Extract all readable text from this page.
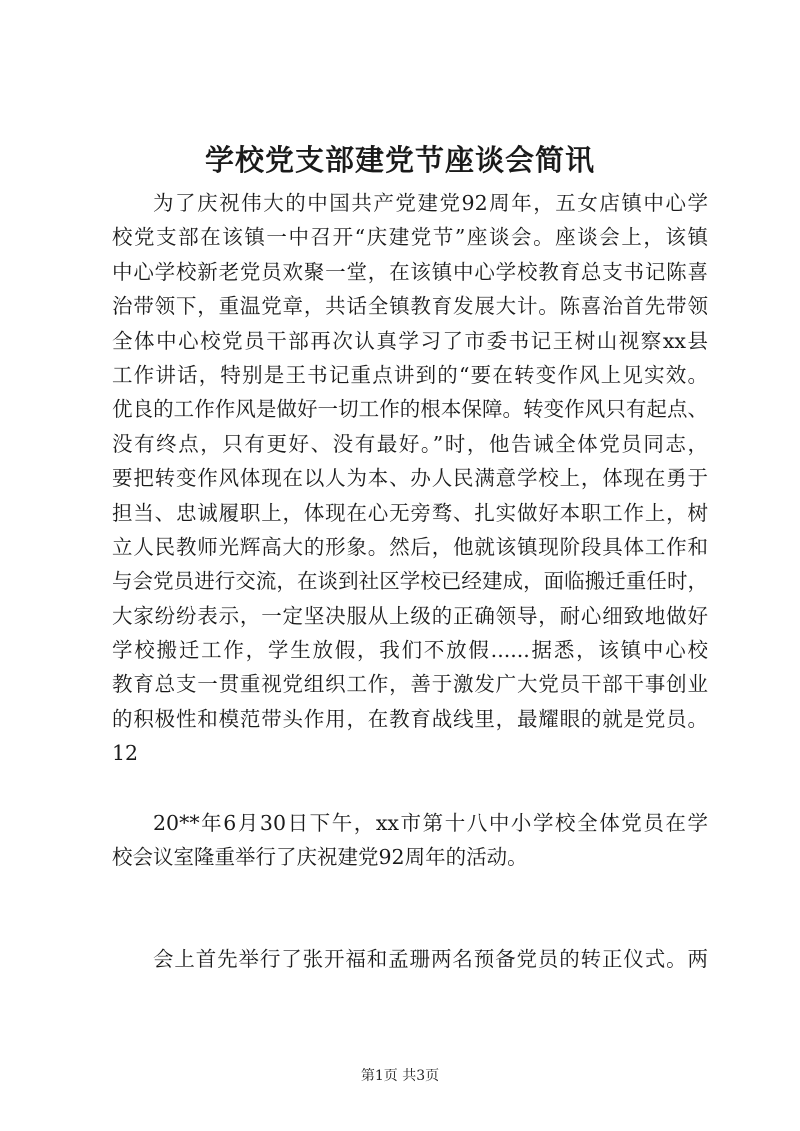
学校党支部建党节座谈会简讯
为了庆祝伟大的中国共产党建党92周年，五女店镇中心学
校党支部在该镇一中召开“庆建党节”座谈会。座谈会上，该镇
中心学校新老党员欢聚一堂，在该镇中心学校教育总支书记陈喜
治带领下，重温党章，共话全镇教育发展大计。陈喜治首先带领
全体中心校党员干部再次认真学习了市委书记王树山视察xx县
工作讲话，特别是王书记重点讲到的“要在转变作风上见实效。
优良的工作作风是做好一切工作的根本保障。转变作风只有起点、
没有终点，只有更好、没有最好。”时，他告诫全体党员同志，
要把转变作风体现在以人为本、办人民满意学校上，体现在勇于
担当、忠诚履职上，体现在心无旁骛、扎实做好本职工作上，树
立人民教师光辉高大的形象。然后，他就该镇现阶段具体工作和
与会党员进行交流，在谈到社区学校已经建成，面临搬迁重任时，
大家纷纷表示，一定坚决服从上级的正确领导，耐心细致地做好
学校搬迁工作，学生放假，我们不放假......据悉，该镇中心校
教育总支一贯重视党组织工作，善于激发广大党员干部干事创业
的积极性和模范带头作用，在教育战线里，最耀眼的就是党员。
12
20**年6月30日下午，xx市第十八中小学校全体党员在学
校会议室隆重举行了庆祝建党92周年的活动。
会上首先举行了张开福和孟珊两名预备党员的转正仪式。两
第1页 共3页
